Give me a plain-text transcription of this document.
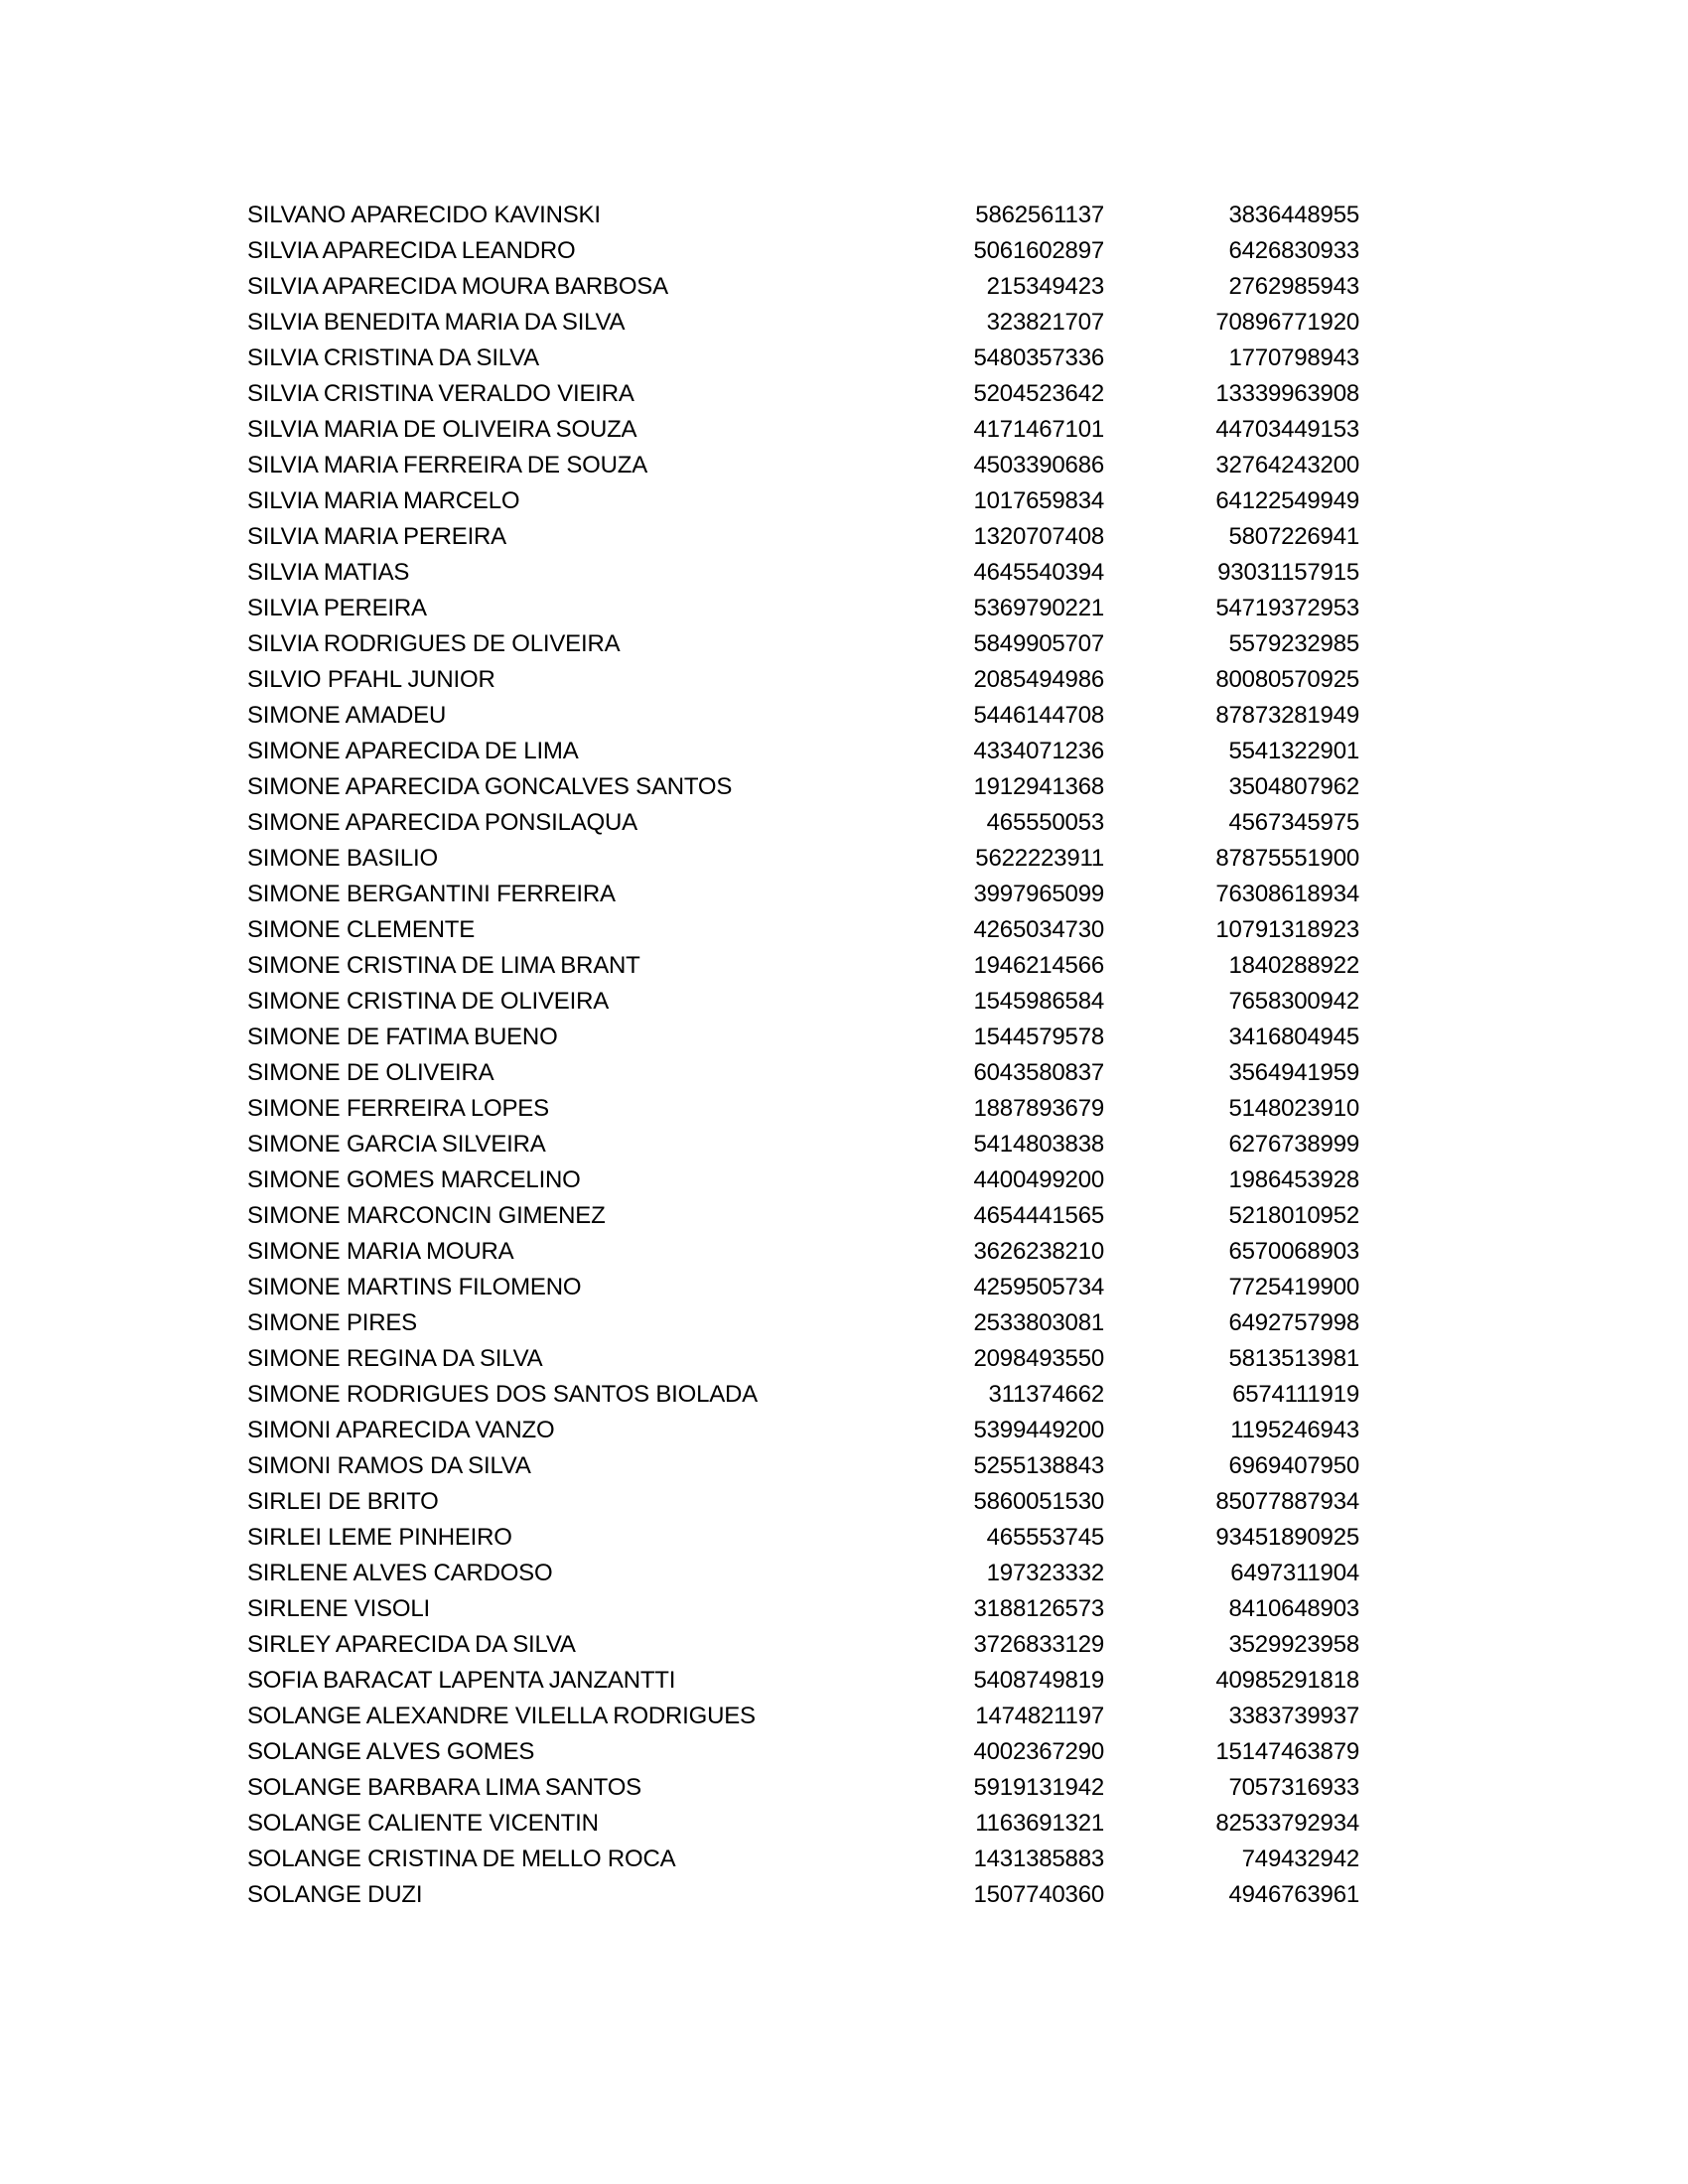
SILVANO APARECIDO KAVINSKI	5862561137	3836448955
SILVIA APARECIDA LEANDRO	5061602897	6426830933
SILVIA APARECIDA MOURA BARBOSA	215349423	2762985943
SILVIA BENEDITA MARIA DA SILVA	323821707	70896771920
SILVIA CRISTINA DA SILVA	5480357336	1770798943
SILVIA CRISTINA VERALDO VIEIRA	5204523642	13339963908
SILVIA MARIA DE OLIVEIRA SOUZA	4171467101	44703449153
SILVIA MARIA FERREIRA DE SOUZA	4503390686	32764243200
SILVIA MARIA MARCELO	1017659834	64122549949
SILVIA MARIA PEREIRA	1320707408	5807226941
SILVIA MATIAS	4645540394	93031157915
SILVIA PEREIRA	5369790221	54719372953
SILVIA RODRIGUES DE OLIVEIRA	5849905707	5579232985
SILVIO PFAHL JUNIOR	2085494986	80080570925
SIMONE AMADEU	5446144708	87873281949
SIMONE APARECIDA DE LIMA	4334071236	5541322901
SIMONE APARECIDA GONCALVES SANTOS	1912941368	3504807962
SIMONE APARECIDA PONSILAQUA	465550053	4567345975
SIMONE BASILIO	5622223911	87875551900
SIMONE BERGANTINI FERREIRA	3997965099	76308618934
SIMONE CLEMENTE	4265034730	10791318923
SIMONE CRISTINA DE LIMA BRANT	1946214566	1840288922
SIMONE CRISTINA DE OLIVEIRA	1545986584	7658300942
SIMONE DE FATIMA BUENO	1544579578	3416804945
SIMONE DE OLIVEIRA	6043580837	3564941959
SIMONE FERREIRA LOPES	1887893679	5148023910
SIMONE GARCIA SILVEIRA	5414803838	6276738999
SIMONE GOMES MARCELINO	4400499200	1986453928
SIMONE MARCONCIN GIMENEZ	4654441565	5218010952
SIMONE MARIA MOURA	3626238210	6570068903
SIMONE MARTINS FILOMENO	4259505734	7725419900
SIMONE PIRES	2533803081	6492757998
SIMONE REGINA DA SILVA	2098493550	5813513981
SIMONE RODRIGUES DOS SANTOS BIOLADA	311374662	6574111919
SIMONI APARECIDA VANZO	5399449200	1195246943
SIMONI RAMOS DA SILVA	5255138843	6969407950
SIRLEI DE BRITO	5860051530	85077887934
SIRLEI LEME PINHEIRO	465553745	93451890925
SIRLENE ALVES CARDOSO	197323332	6497311904
SIRLENE VISOLI	3188126573	8410648903
SIRLEY APARECIDA DA SILVA	3726833129	3529923958
SOFIA BARACAT LAPENTA JANZANTTI	5408749819	40985291818
SOLANGE ALEXANDRE VILELLA RODRIGUES	1474821197	3383739937
SOLANGE ALVES GOMES	4002367290	15147463879
SOLANGE BARBARA LIMA SANTOS	5919131942	7057316933
SOLANGE CALIENTE VICENTIN	1163691321	82533792934
SOLANGE CRISTINA DE MELLO ROCA	1431385883	749432942
SOLANGE DUZI	1507740360	4946763961
